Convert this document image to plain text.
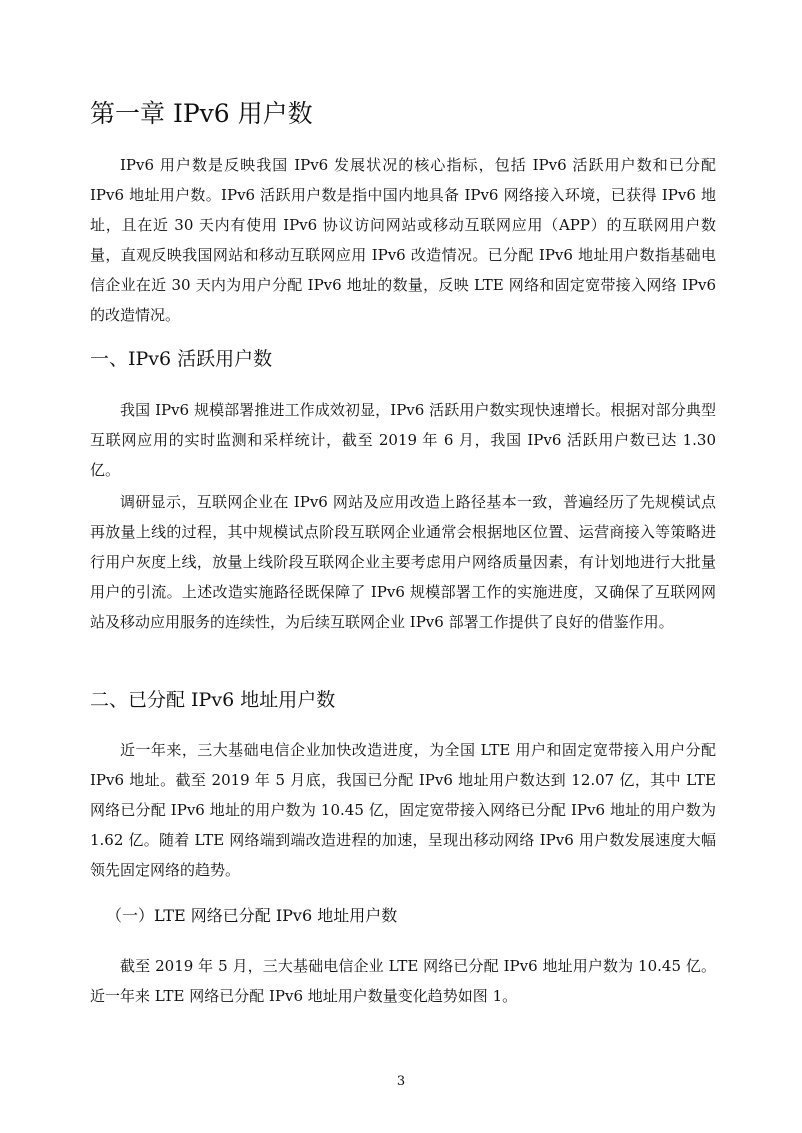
第一章 IPv6 用户数

IPv6 用户数是反映我国 IPv6 发展状况的核心指标，包括 IPv6 活跃用户数和已分配 IPv6 地址用户数。IPv6 活跃用户数是指中国内地具备 IPv6 网络接入环境，已获得 IPv6 地址，且在近 30 天内有使用 IPv6 协议访问网站或移动互联网应用（APP）的互联网用户数量，直观反映我国网站和移动互联网应用 IPv6 改造情况。已分配 IPv6 地址用户数指基础电信企业在近 30 天内为用户分配 IPv6 地址的数量，反映 LTE 网络和固定宽带接入网络 IPv6 的改造情况。

一、IPv6 活跃用户数

我国 IPv6 规模部署推进工作成效初显，IPv6 活跃用户数实现快速增长。根据对部分典型互联网应用的实时监测和采样统计，截至 2019 年 6 月，我国 IPv6 活跃用户数已达 1.30 亿。

调研显示，互联网企业在 IPv6 网站及应用改造上路径基本一致，普遍经历了先规模试点再放量上线的过程，其中规模试点阶段互联网企业通常会根据地区位置、运营商接入等策略进行用户灰度上线，放量上线阶段互联网企业主要考虑用户网络质量因素，有计划地进行大批量用户的引流。上述改造实施路径既保障了 IPv6 规模部署工作的实施进度，又确保了互联网网站及移动应用服务的连续性，为后续互联网企业 IPv6 部署工作提供了良好的借鉴作用。

二、已分配 IPv6 地址用户数

近一年来，三大基础电信企业加快改造进度，为全国 LTE 用户和固定宽带接入用户分配 IPv6 地址。截至 2019 年 5 月底，我国已分配 IPv6 地址用户数达到 12.07 亿，其中 LTE 网络已分配 IPv6 地址的用户数为 10.45 亿，固定宽带接入网络已分配 IPv6 地址的用户数为 1.62 亿。随着 LTE 网络端到端改造进程的加速，呈现出移动网络 IPv6 用户数发展速度大幅领先固定网络的趋势。

（一）LTE 网络已分配 IPv6 地址用户数

截至 2019 年 5 月，三大基础电信企业 LTE 网络已分配 IPv6 地址用户数为 10.45 亿。近一年来 LTE 网络已分配 IPv6 地址用户数量变化趋势如图 1。

3
